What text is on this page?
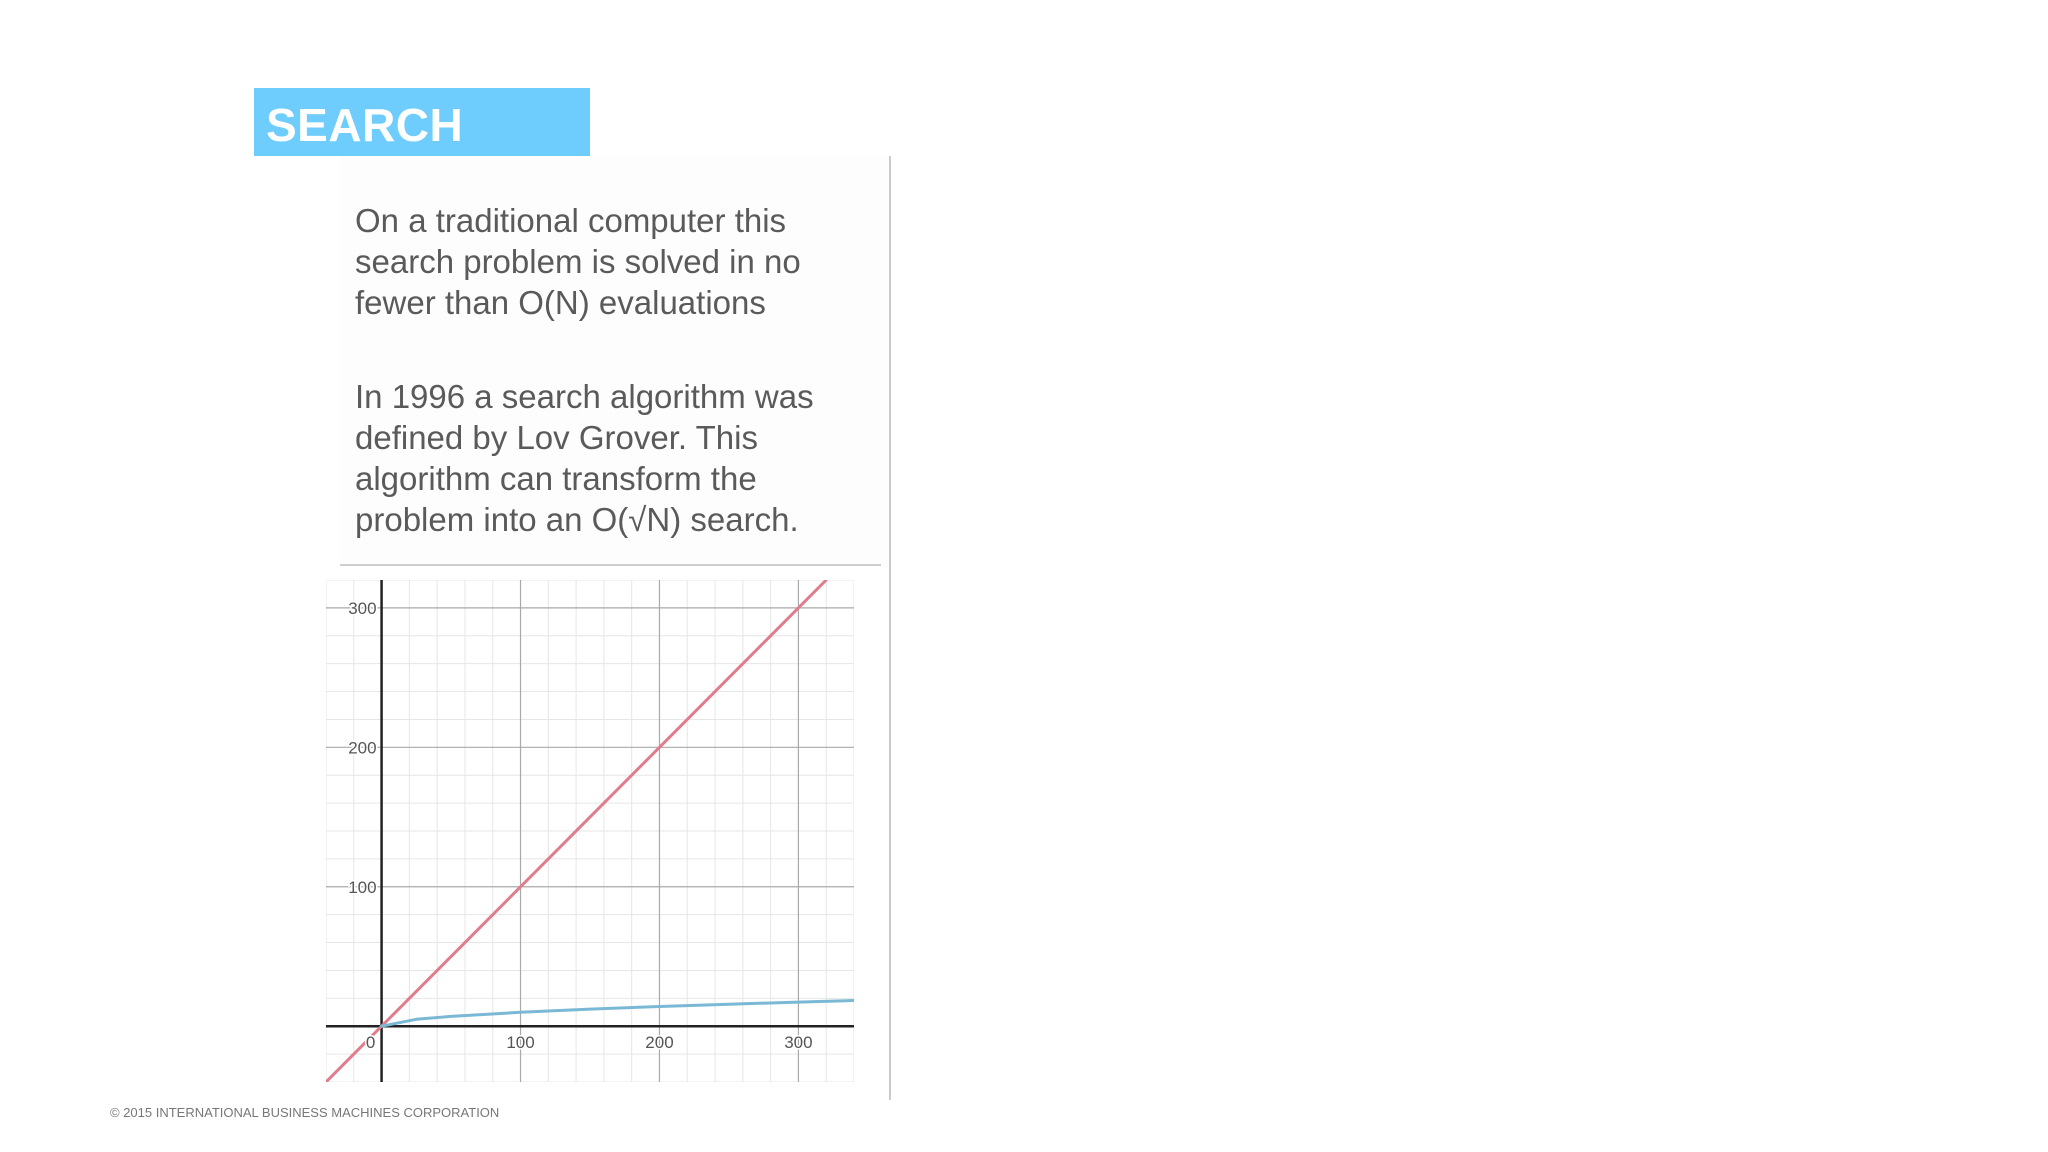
SEARCH
On a traditional computer this search problem is solved in no fewer than O(N) evaluations
In 1996 a search algorithm was defined by Lov Grover. This algorithm can transform the problem into an O(√N) search.
0	100	200	300
100
200
300
© 2015 INTERNATIONAL BUSINESS MACHINES CORPORATION
